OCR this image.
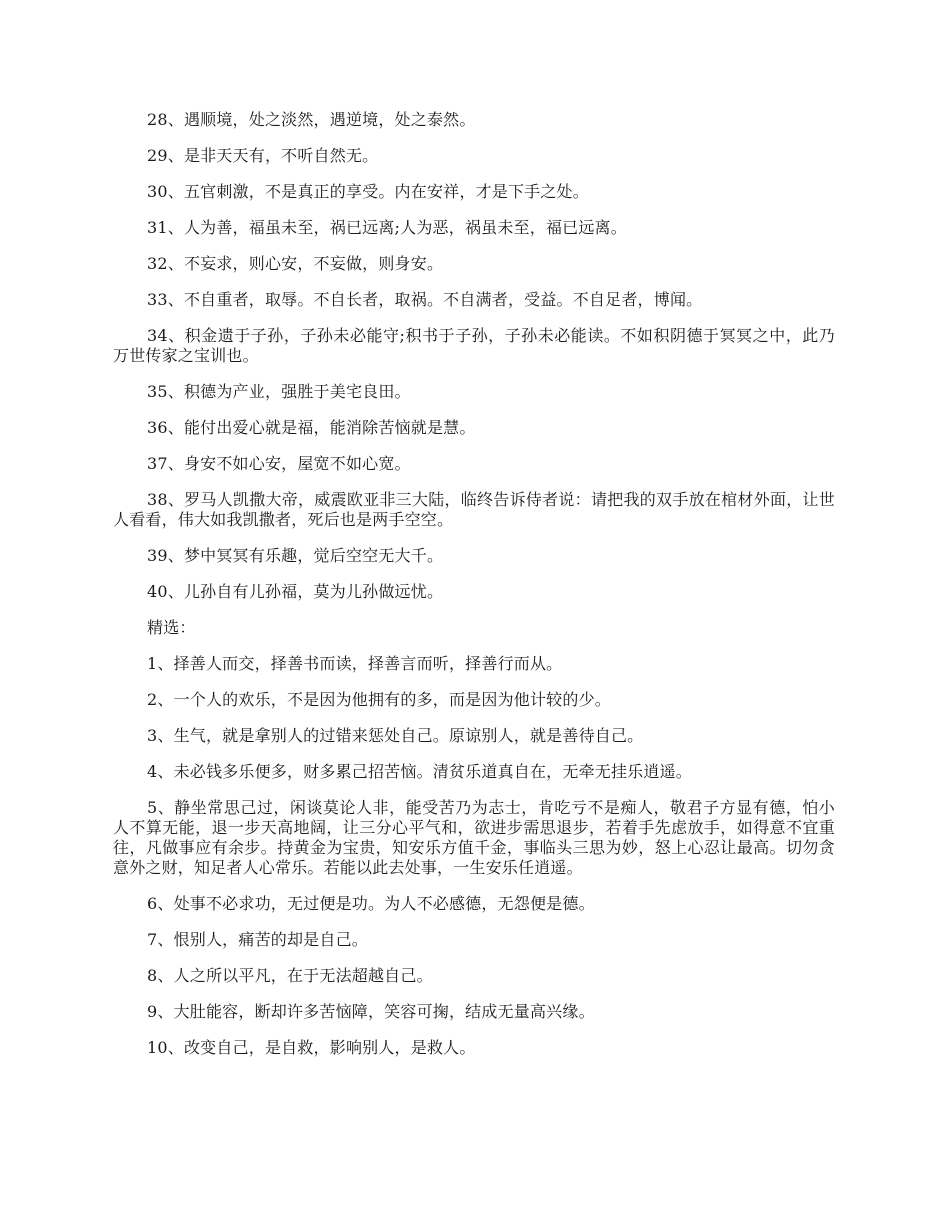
28、遇顺境，处之淡然，遇逆境，处之泰然。

29、是非天天有，不听自然无。

30、五官刺激，不是真正的享受。内在安祥，才是下手之处。

31、人为善，福虽未至，祸已远离;人为恶，祸虽未至，福已远离。

32、不妄求，则心安，不妄做，则身安。

33、不自重者，取辱。不自长者，取祸。不自满者，受益。不自足者，博闻。

34、积金遗于子孙，子孙未必能守;积书于子孙，子孙未必能读。不如积阴德于冥冥之中，此乃万世传家之宝训也。

35、积德为产业，强胜于美宅良田。

36、能付出爱心就是福，能消除苦恼就是慧。

37、身安不如心安，屋宽不如心宽。

38、罗马人凯撒大帝，威震欧亚非三大陆，临终告诉侍者说：请把我的双手放在棺材外面，让世人看看，伟大如我凯撒者，死后也是两手空空。

39、梦中冥冥有乐趣，觉后空空无大千。

40、儿孙自有儿孙福，莫为儿孙做远忧。

精选：

1、择善人而交，择善书而读，择善言而听，择善行而从。

2、一个人的欢乐，不是因为他拥有的多，而是因为他计较的少。

3、生气，就是拿别人的过错来惩处自己。原谅别人，就是善待自己。

4、未必钱多乐便多，财多累己招苦恼。清贫乐道真自在，无牵无挂乐逍遥。

5、静坐常思己过，闲谈莫论人非，能受苦乃为志士，肯吃亏不是痴人，敬君子方显有德，怕小人不算无能，退一步天高地阔，让三分心平气和，欲进步需思退步，若着手先虑放手，如得意不宜重往，凡做事应有余步。持黄金为宝贵，知安乐方值千金，事临头三思为妙，怒上心忍让最高。切勿贪意外之财，知足者人心常乐。若能以此去处事，一生安乐任逍遥。

6、处事不必求功，无过便是功。为人不必感德，无怨便是德。

7、恨别人，痛苦的却是自己。

8、人之所以平凡，在于无法超越自己。

9、大肚能容，断却许多苦恼障，笑容可掬，结成无量高兴缘。

10、改变自己，是自救，影响别人，是救人。
